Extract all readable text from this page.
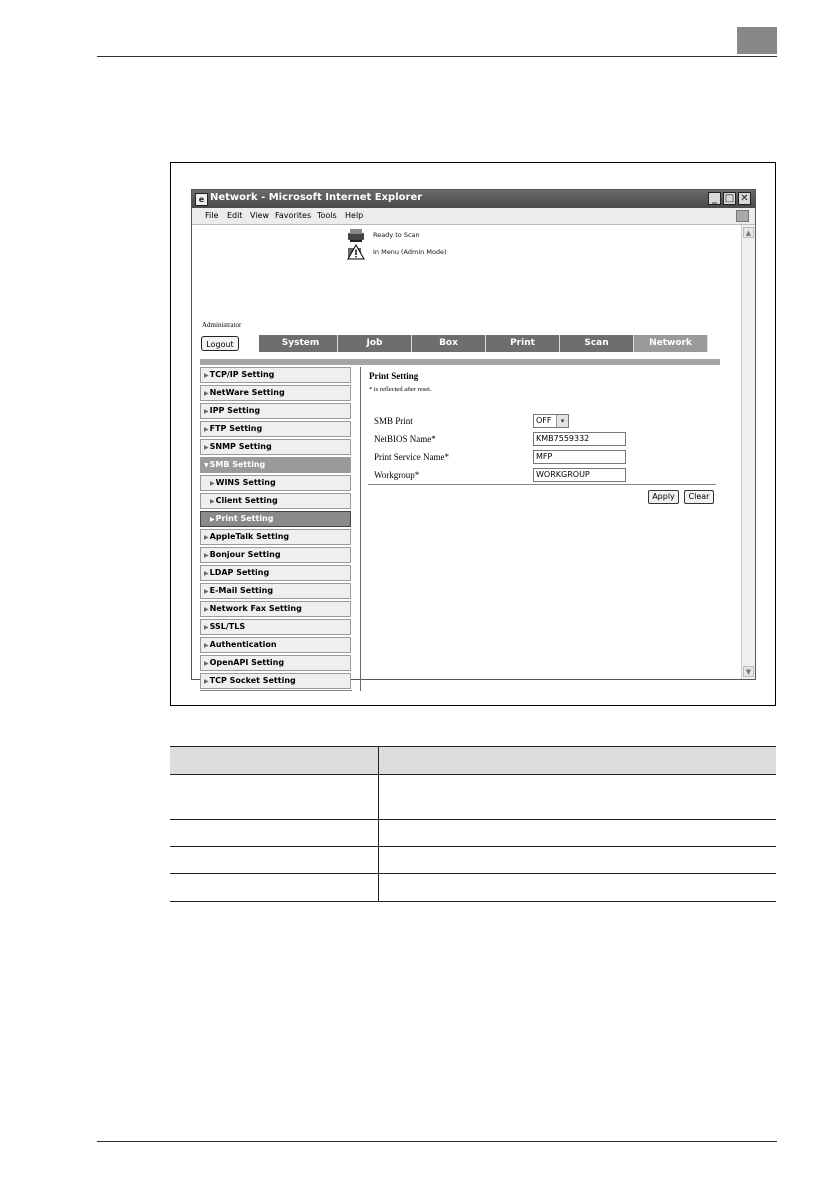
e Network - Microsoft Internet Explorer	_ □ ✕
File Edit View Favorites Tools Help
Ready to Scan
In Menu (Admin Mode)
Administrator
Logout	System	Job	Box	Print	Scan	Network
▶TCP/IP Setting
▶NetWare Setting
▶IPP Setting
▶FTP Setting
▶SNMP Setting
▼SMB Setting
▶WINS Setting
▶Client Setting
▶Print Setting
▶AppleTalk Setting
▶Bonjour Setting
▶LDAP Setting
▶E-Mail Setting
▶Network Fax Setting
▶SSL/TLS
▶Authentication
▶OpenAPI Setting
▶TCP Socket Setting
Print Setting
* is reflected after reset.
SMB Print	OFF	▾
NetBIOS Name*	KMB7559332
Print Service Name*	MFP
Workgroup*	WORKGROUP
Apply	Clear
▲
▼
